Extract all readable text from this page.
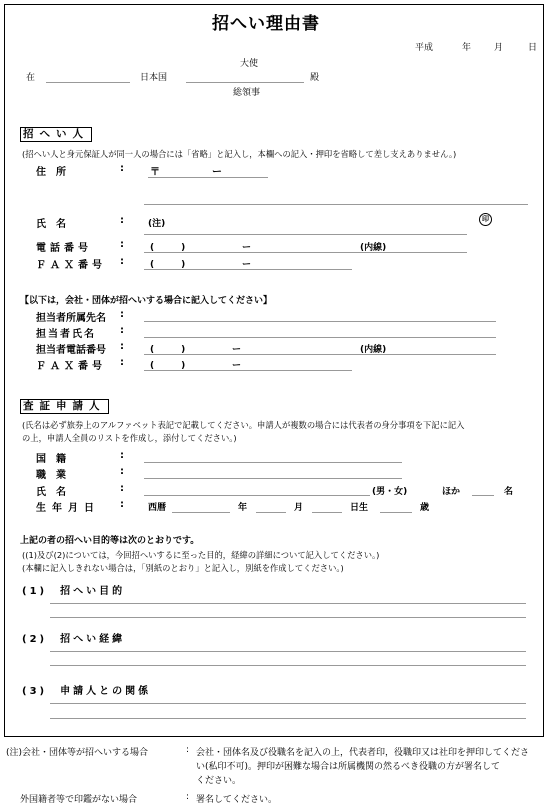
招へい理由書
平成	年	月	日
大使
在	日本国	殿
総領事
招へい人
(招へい人と身元保証人が同一人の場合には「省略」と記入し，本欄への記入・押印を省略して差し支えありません。)
住　所	:	〒	ー
氏　名	:	(注)	印
電話番号	:	(　　　)	ー	(内線)
ＦＡＸ番号 :	(　　　)	ー
【以下は，会社・団体が招へいする場合に記入してください】
担当者所属先名 :
担当者氏名 :
担当者電話番号 :	(　　　)	ー	(内線)
ＦＡＸ番号 :	(　　　)	ー
査証申請人
(氏名は必ず旅券上のアルファベット表記で記載してください。申請人が複数の場合には代表者の身分事項を下記に記入
の上，申請人全員のリストを作成し，添付してください。)
国　籍	:
職　業	:
氏　名	:	(男・女)	ほか	名
生年月日 :	西暦	年	月	日生	歳
上記の者の招へい目的等は次のとおりです。
((1)及び(2)については，今回招へいするに至った目的，経緯の詳細について記入してください。)
(本欄に記入しきれない場合は，「別紙のとおり」と記入し，別紙を作成してください。)
(1)　招へい目的
(2)　招へい経緯
(3)　申請人との関係
(注)会社・団体等が招へいする場合	: 会社・団体名及び役職名を記入の上，代表者印，役職印又は社印を押印してくださ
い(私印不可)。押印が困難な場合は所属機関の然るべき役職の方が署名して
ください。
外国籍者等で印鑑がない場合	: 署名してください。
